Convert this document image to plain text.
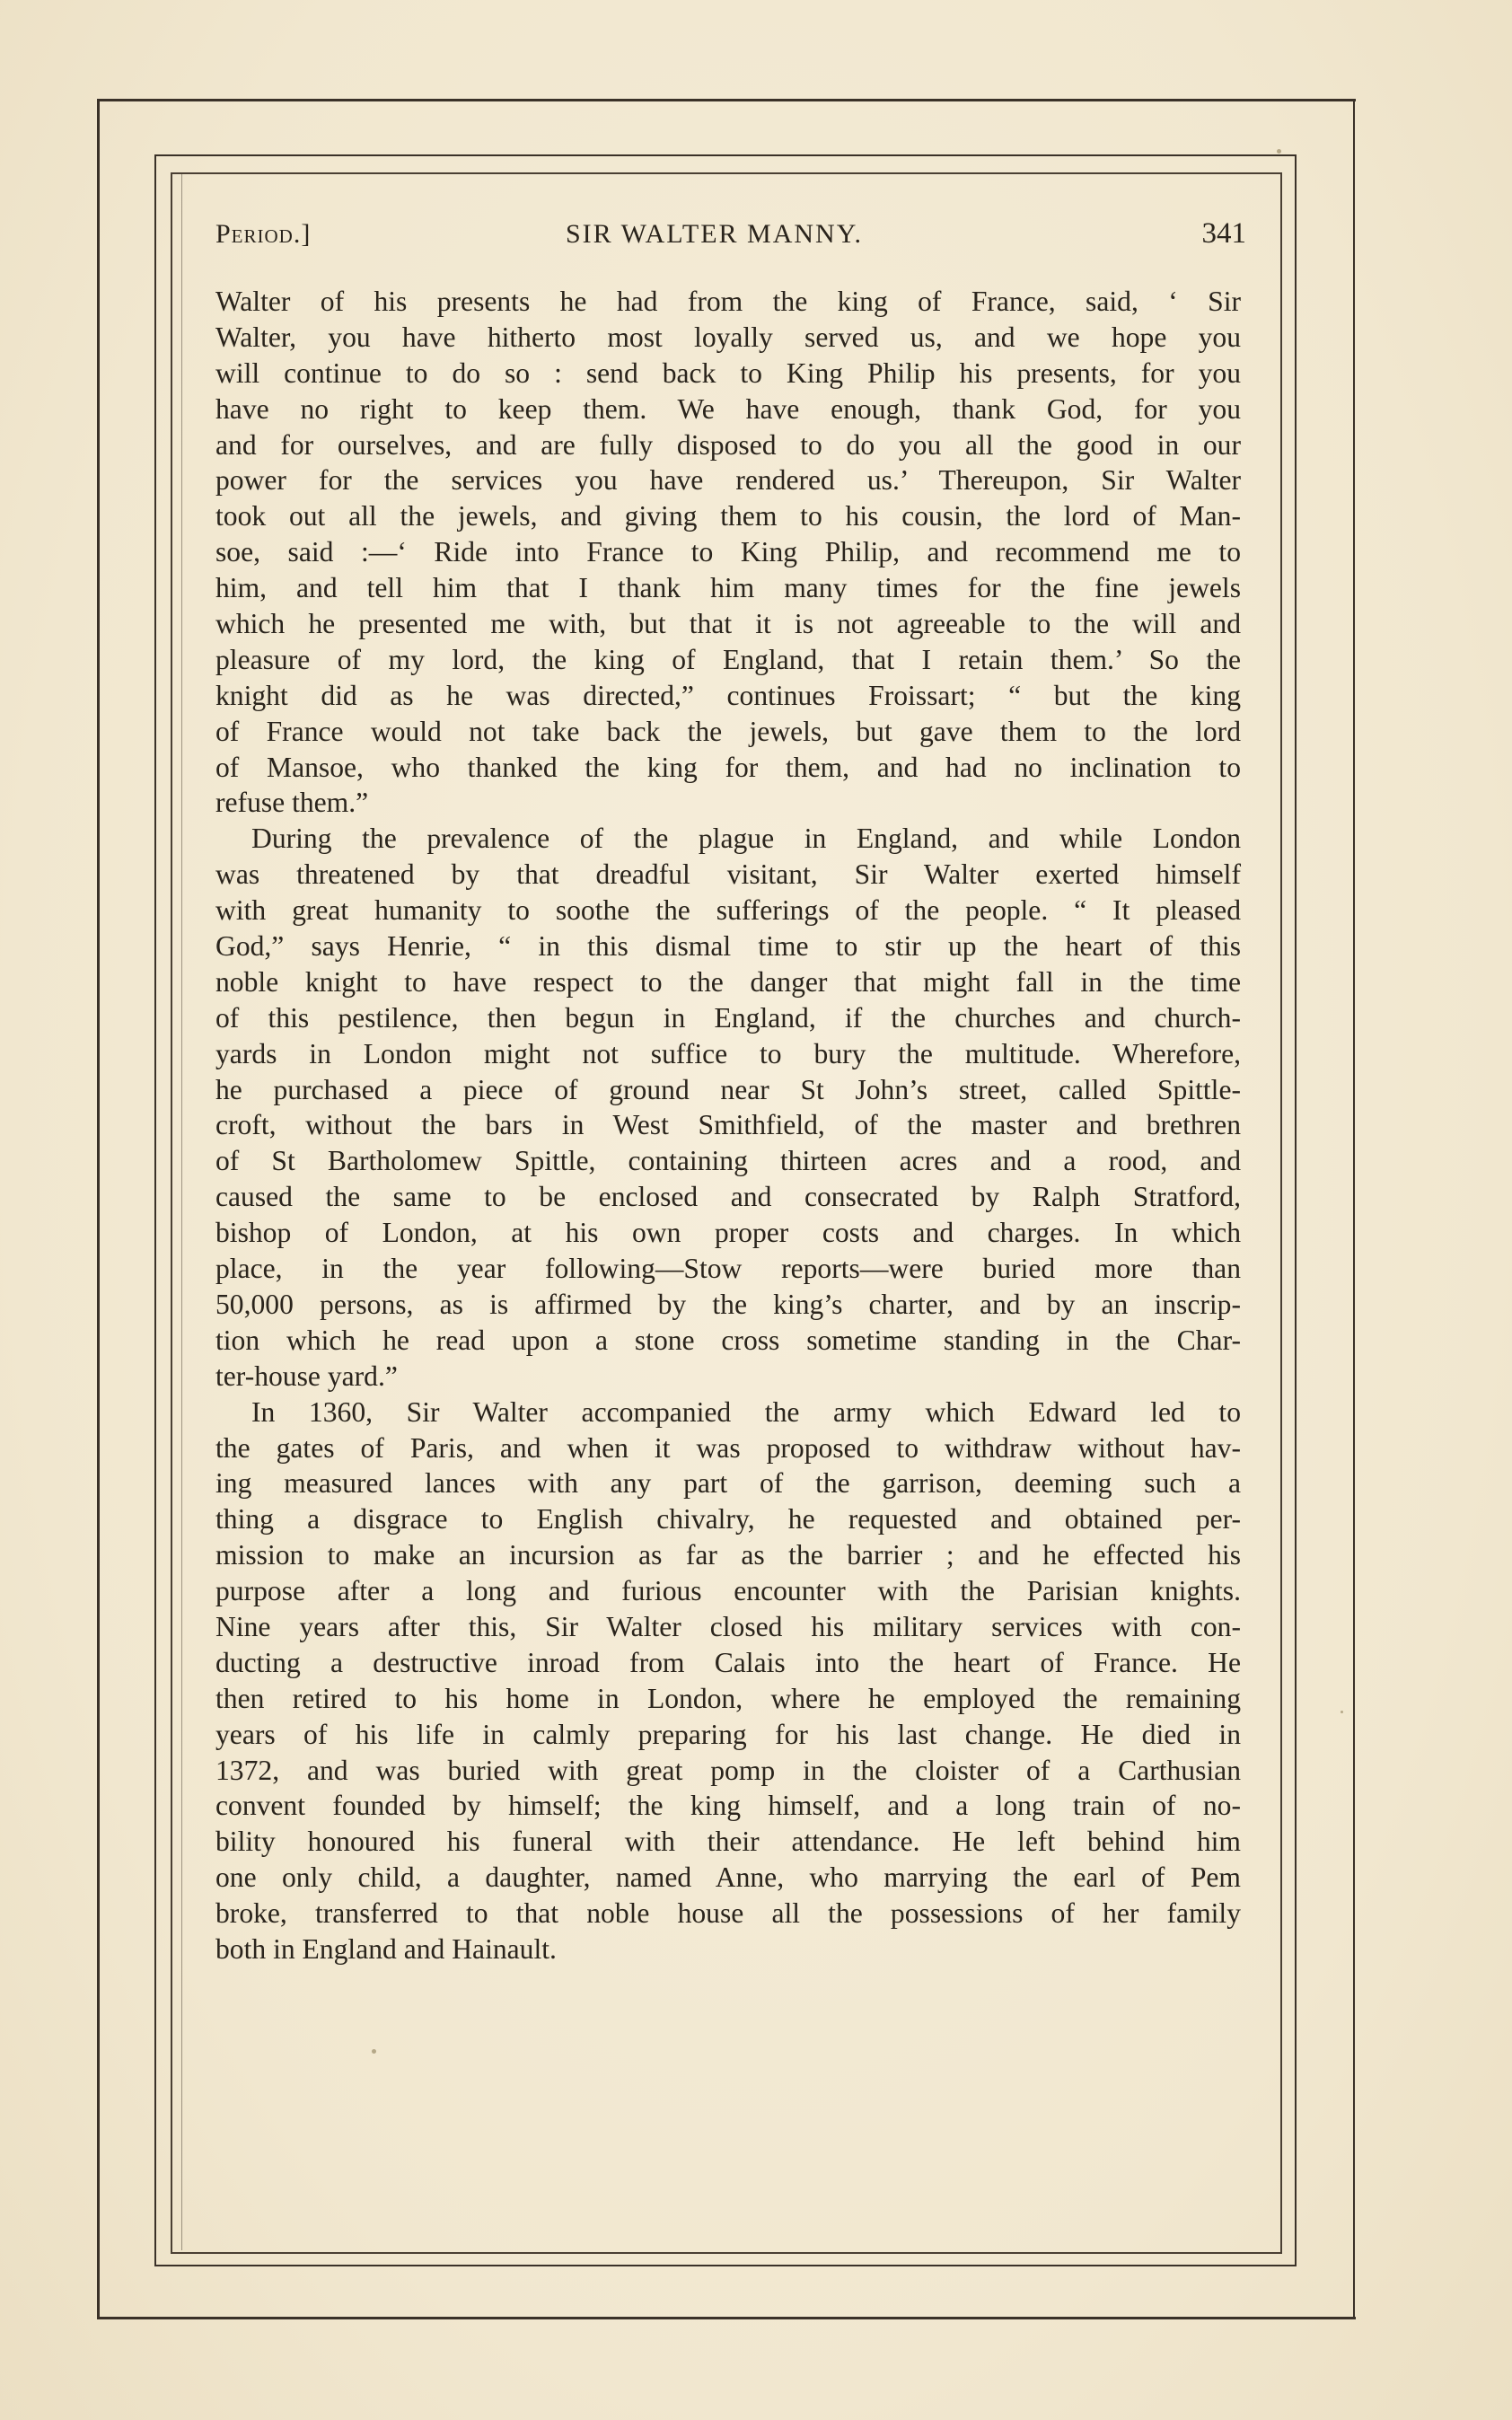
Period.]	SIR WALTER MANNY.	341
Walter of his presents he had from the king of France, said, ‘ Sir
Walter, you have hitherto most loyally served us, and we hope you
will continue to do so : send back to King Philip his presents, for you
have no right to keep them. We have enough, thank God, for you
and for ourselves, and are fully disposed to do you all the good in our
power for the services you have rendered us.’ Thereupon, Sir Walter
took out all the jewels, and giving them to his cousin, the lord of Man-
soe, said :—‘ Ride into France to King Philip, and recommend me to
him, and tell him that I thank him many times for the fine jewels
which he presented me with, but that it is not agreeable to the will and
pleasure of my lord, the king of England, that I retain them.’ So the
knight did as he was directed,” continues Froissart; “ but the king
of France would not take back the jewels, but gave them to the lord
of Mansoe, who thanked the king for them, and had no inclination to
refuse them.”
During the prevalence of the plague in England, and while London
was threatened by that dreadful visitant, Sir Walter exerted himself
with great humanity to soothe the sufferings of the people. “ It pleased
God,” says Henrie, “ in this dismal time to stir up the heart of this
noble knight to have respect to the danger that might fall in the time
of this pestilence, then begun in England, if the churches and church-
yards in London might not suffice to bury the multitude. Wherefore,
he purchased a piece of ground near St John’s street, called Spittle-
croft, without the bars in West Smithfield, of the master and brethren
of St Bartholomew Spittle, containing thirteen acres and a rood, and
caused the same to be enclosed and consecrated by Ralph Stratford,
bishop of London, at his own proper costs and charges. In which
place, in the year following—Stow reports—were buried more than
50,000 persons, as is affirmed by the king’s charter, and by an inscrip-
tion which he read upon a stone cross sometime standing in the Char-
ter-house yard.”
In 1360, Sir Walter accompanied the army which Edward led to
the gates of Paris, and when it was proposed to withdraw without hav-
ing measured lances with any part of the garrison, deeming such a
thing a disgrace to English chivalry, he requested and obtained per-
mission to make an incursion as far as the barrier ; and he effected his
purpose after a long and furious encounter with the Parisian knights.
Nine years after this, Sir Walter closed his military services with con-
ducting a destructive inroad from Calais into the heart of France. He
then retired to his home in London, where he employed the remaining
years of his life in calmly preparing for his last change. He died in
1372, and was buried with great pomp in the cloister of a Carthusian
convent founded by himself; the king himself, and a long train of no-
bility honoured his funeral with their attendance. He left behind him
one only child, a daughter, named Anne, who marrying the earl of Pem
broke, transferred to that noble house all the possessions of her family
both in England and Hainault.
